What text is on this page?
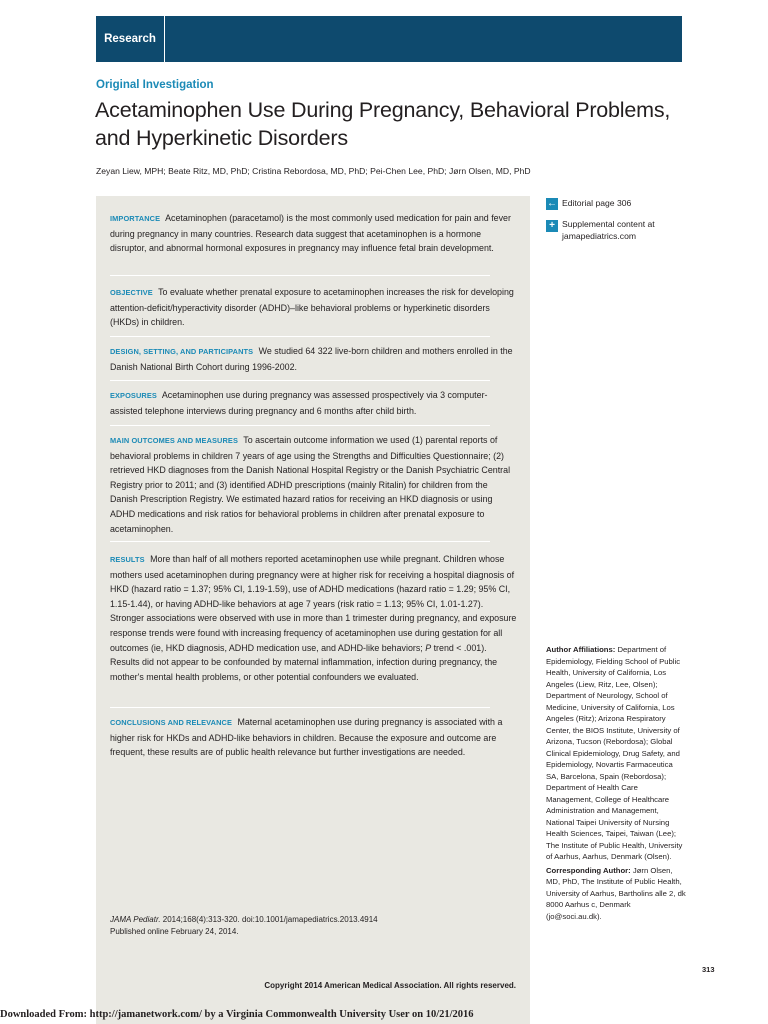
Research
Original Investigation
Acetaminophen Use During Pregnancy, Behavioral Problems, and Hyperkinetic Disorders
Zeyan Liew, MPH; Beate Ritz, MD, PhD; Cristina Rebordosa, MD, PhD; Pei-Chen Lee, PhD; Jørn Olsen, MD, PhD
IMPORTANCE Acetaminophen (paracetamol) is the most commonly used medication for pain and fever during pregnancy in many countries. Research data suggest that acetaminophen is a hormone disruptor, and abnormal hormonal exposures in pregnancy may influence fetal brain development.
OBJECTIVE To evaluate whether prenatal exposure to acetaminophen increases the risk for developing attention-deficit/hyperactivity disorder (ADHD)–like behavioral problems or hyperkinetic disorders (HKDs) in children.
DESIGN, SETTING, AND PARTICIPANTS We studied 64 322 live-born children and mothers enrolled in the Danish National Birth Cohort during 1996-2002.
EXPOSURES Acetaminophen use during pregnancy was assessed prospectively via 3 computer-assisted telephone interviews during pregnancy and 6 months after child birth.
MAIN OUTCOMES AND MEASURES To ascertain outcome information we used (1) parental reports of behavioral problems in children 7 years of age using the Strengths and Difficulties Questionnaire; (2) retrieved HKD diagnoses from the Danish National Hospital Registry or the Danish Psychiatric Central Registry prior to 2011; and (3) identified ADHD prescriptions (mainly Ritalin) for children from the Danish Prescription Registry. We estimated hazard ratios for receiving an HKD diagnosis or using ADHD medications and risk ratios for behavioral problems in children after prenatal exposure to acetaminophen.
RESULTS More than half of all mothers reported acetaminophen use while pregnant. Children whose mothers used acetaminophen during pregnancy were at higher risk for receiving a hospital diagnosis of HKD (hazard ratio = 1.37; 95% CI, 1.19-1.59), use of ADHD medications (hazard ratio = 1.29; 95% CI, 1.15-1.44), or having ADHD-like behaviors at age 7 years (risk ratio = 1.13; 95% CI, 1.01-1.27). Stronger associations were observed with use in more than 1 trimester during pregnancy, and exposure response trends were found with increasing frequency of acetaminophen use during gestation for all outcomes (ie, HKD diagnosis, ADHD medication use, and ADHD-like behaviors; P trend < .001). Results did not appear to be confounded by maternal inflammation, infection during pregnancy, the mother's mental health problems, or other potential confounders we evaluated.
CONCLUSIONS AND RELEVANCE Maternal acetaminophen use during pregnancy is associated with a higher risk for HKDs and ADHD-like behaviors in children. Because the exposure and outcome are frequent, these results are of public health relevance but further investigations are needed.
JAMA Pediatr. 2014;168(4):313-320. doi:10.1001/jamapediatrics.2013.4914
Published online February 24, 2014.
Copyright 2014 American Medical Association. All rights reserved.
← Editorial page 306
+ Supplemental content at
jamapediatrics.com
Author Affiliations: Department of Epidemiology, Fielding School of Public Health, University of California, Los Angeles (Liew, Ritz, Lee, Olsen); Department of Neurology, School of Medicine, University of California, Los Angeles (Ritz); Arizona Respiratory Center, the BIOS Institute, University of Arizona, Tucson (Rebordosa); Global Clinical Epidemiology, Drug Safety, and Epidemiology, Novartis Farmaceutica SA, Barcelona, Spain (Rebordosa); Department of Health Care Management, College of Healthcare Administration and Management, National Taipei University of Nursing Health Sciences, Taipei, Taiwan (Lee); The Institute of Public Health, University of Aarhus, Aarhus, Denmark (Olsen).
Corresponding Author: Jørn Olsen, MD, PhD, The Institute of Public Health, University of Aarhus, Bartholins alle 2, dk 8000 Aarhus c, Denmark (jo@soci.au.dk).
313
Downloaded From: http://jamanetwork.com/ by a Virginia Commonwealth University User on 10/21/2016
